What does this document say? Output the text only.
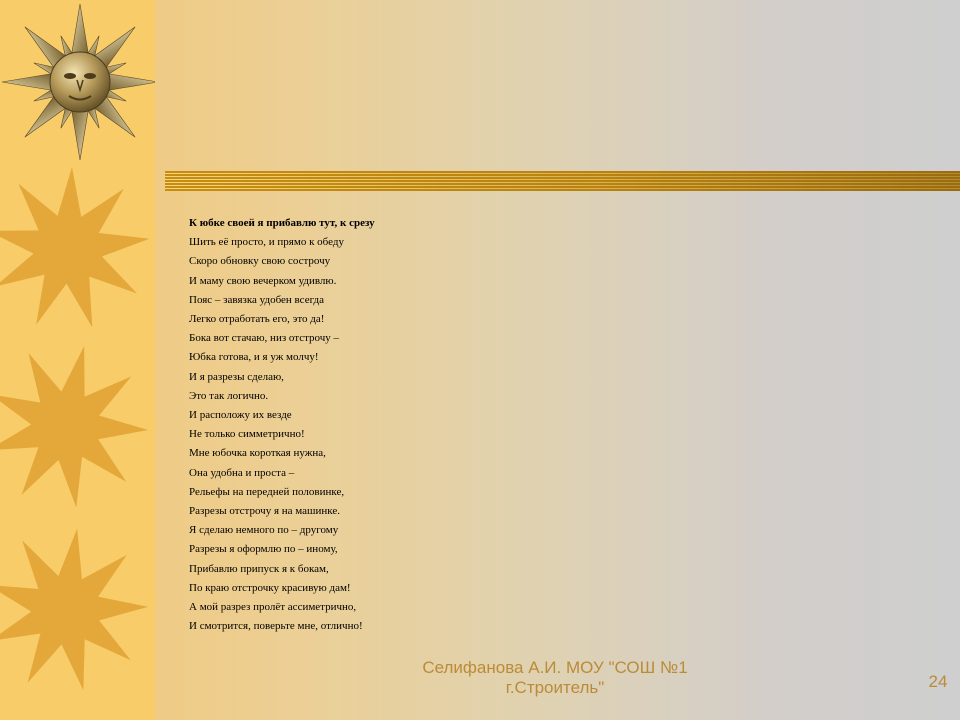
К юбке своей я прибавлю тут, к срезу
Шить её просто, и прямо к обеду
Скоро обновку свою сострочу
И маму свою вечерком удивлю.
Пояс – завязка удобен всегда
Легко отработать его, это да!
Бока вот стачаю, низ отстрочу –
Юбка готова, и я уж молчу!
И я разрезы сделаю,
Это так логично.
И расположу их везде
Не только симметрично!
Мне юбочка короткая нужна,
Она удобна и проста –
Рельефы на передней половинке,
Разрезы отстрочу я на машинке.
Я сделаю немного по – другому
Разрезы я оформлю по – иному,
Прибавлю припуск я к бокам,
По краю отстрочку красивую дам!
А мой разрез пролёт ассиметрично,
И смотрится, поверьте мне, отлично!
Селифанова А.И. МОУ "СОШ №1
г.Строитель"	24
